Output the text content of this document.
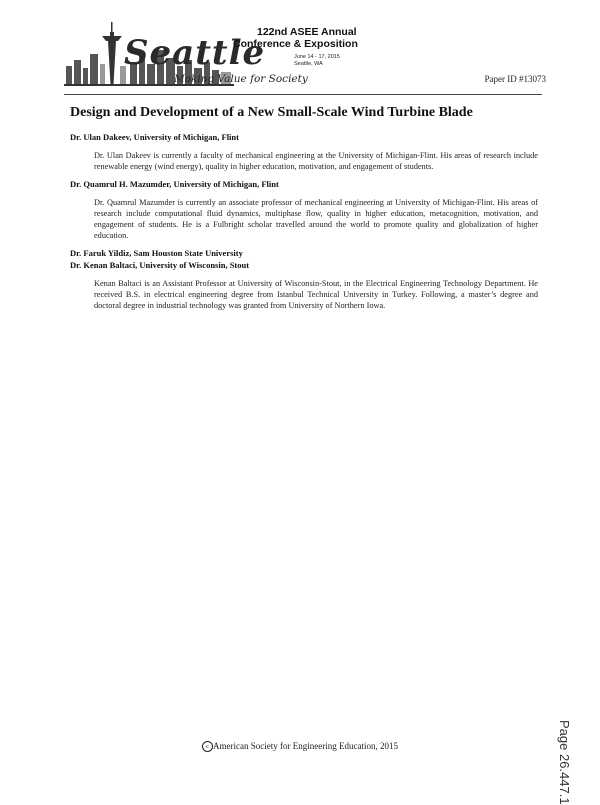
Seattle
Making Value for Society
122nd ASEE Annual
Conference & Exposition
June 14 - 17, 2015
Seattle, WA
Paper ID #13073
Design and Development of a New Small-Scale Wind Turbine Blade
Dr. Ulan Dakeev, University of Michigan, Flint

Dr. Ulan Dakeev is currently a faculty of mechanical engineering at the University of Michigan-Flint. His areas of research include renewable energy (wind energy), quality in higher education, motivation, and engagement of students.

Dr. Quamrul H. Mazumder, University of Michigan, Flint

Dr. Quamrul Mazumder is currently an associate professor of mechanical engineering at University of Michigan-Flint. His areas of research include computational fluid dynamics, multiphase flow, quality in higher education, metacognition, motivation, and engagement of students. He is a Fulbright scholar travelled around the world to promote quality and globalization of higher education.

Dr. Faruk Yildiz, Sam Houston State University
Dr. Kenan Baltaci, University of Wisconsin, Stout

Kenan Baltaci is an Assistant Professor at University of Wisconsin-Stout, in the Electrical Engineering Technology Department. He received B.S. in electrical engineering degree from Istanbul Technical University in Turkey. Following, a master’s degree and doctoral degree in industrial technology was granted from University of Northern Iowa.

c American Society for Engineering Education, 2015	Page 26.447.1
